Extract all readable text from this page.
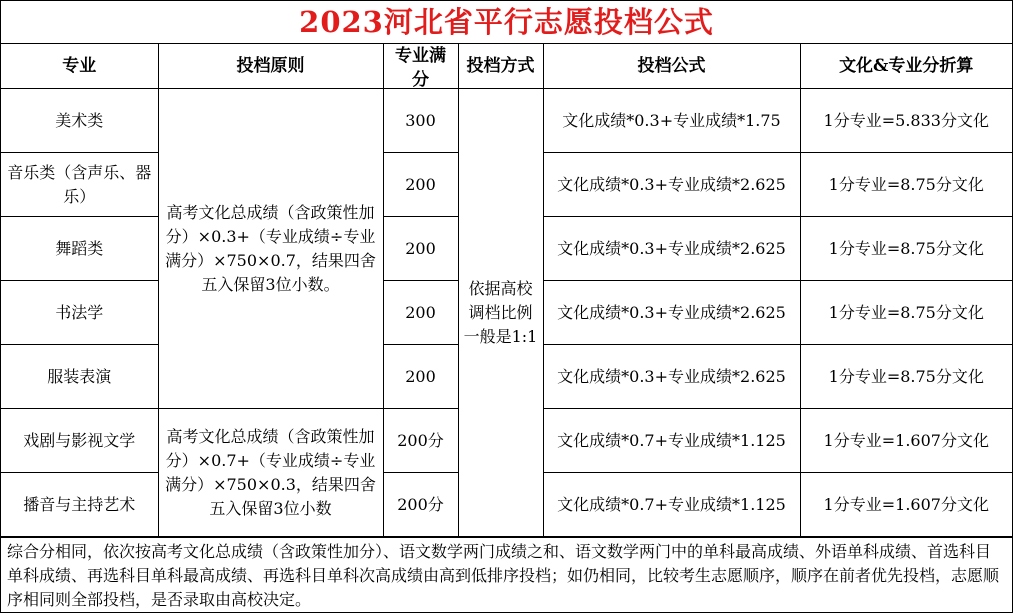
2023河北省平行志愿投档公式
专业	投档原则	专业满分	投档方式	投档公式	文化&专业分折算
美术类	高考文化总成绩（含政策性加分）×0.3+（专业成绩÷专业满分）×750×0.7，结果四舍五入保留3位小数。	300	依据高校调档比例一般是1:1	文化成绩*0.3+专业成绩*1.75	1分专业=5.833分文化

音乐类（含声乐、器乐）		200		文化成绩*0.3+专业成绩*2.625	1分专业=8.75分文化
舞蹈类		200		文化成绩*0.3+专业成绩*2.625	1分专业=8.75分文化
书法学		200		文化成绩*0.3+专业成绩*2.625	1分专业=8.75分文化
服装表演		200		文化成绩*0.3+专业成绩*2.625	1分专业=8.75分文化
戏剧与影视文学	高考文化总成绩（含政策性加分）×0.7+（专业成绩÷专业满分）×750×0.3，结果四舍五入保留3位小数	200分		文化成绩*0.7+专业成绩*1.125	1分专业=1.607分文化
播音与主持艺术		200分		文化成绩*0.7+专业成绩*1.125	1分专业=1.607分文化
综合分相同，依次按高考文化总成绩（含政策性加分）、语文数学两门成绩之和、语文数学两门中的单科最高成绩、外语单科成绩、首选科目单科成绩、再选科目单科最高成绩、再选科目单科次高成绩由高到低排序投档；如仍相同，比较考生志愿顺序，顺序在前者优先投档，志愿顺序相同则全部投档，是否录取由高校决定。
